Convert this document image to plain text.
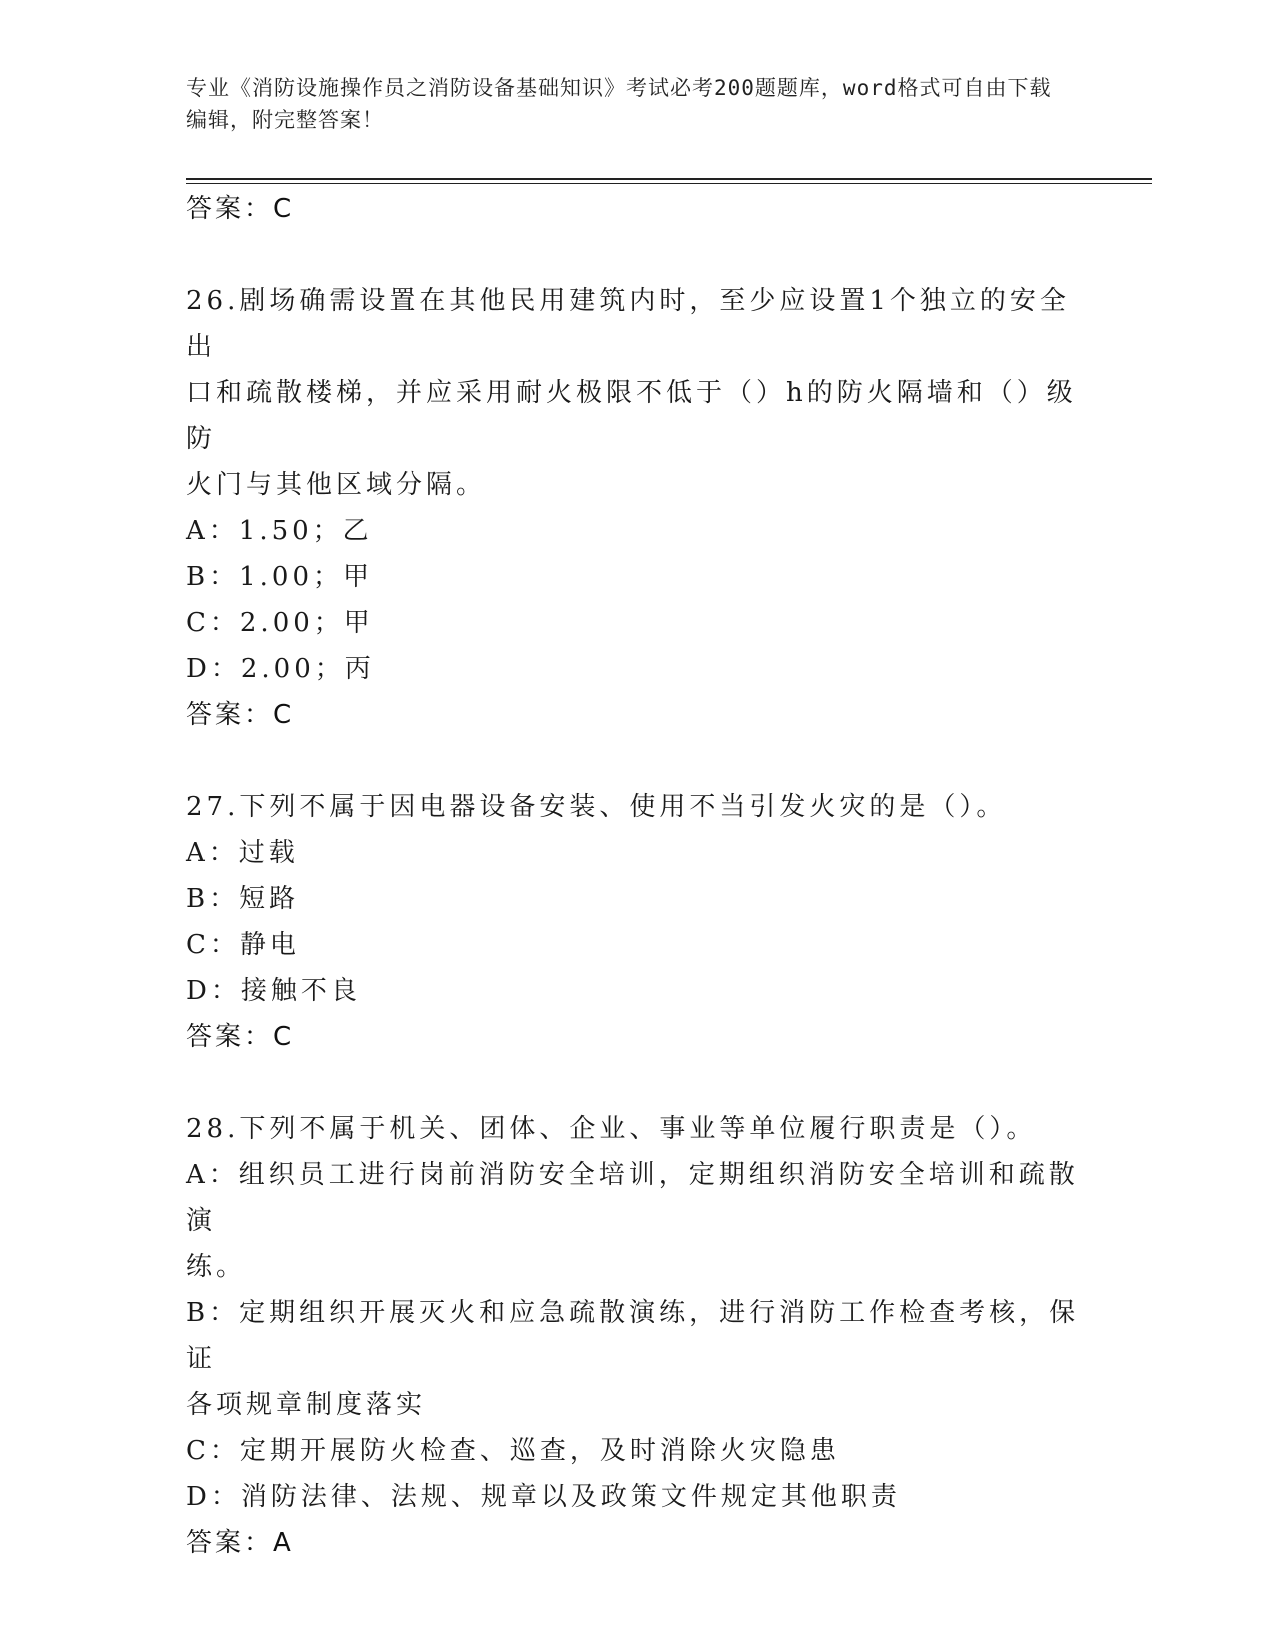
专业《消防设施操作员之消防设备基础知识》考试必考200题题库，word格式可自由下载编辑，附完整答案！
答案：C
26.剧场确需设置在其他民用建筑内时，至少应设置1个独立的安全出
口和疏散楼梯，并应采用耐火极限不低于（）h的防火隔墙和（）级防
火门与其他区域分隔。
A：1.50；乙
B：1.00；甲
C：2.00；甲
D：2.00；丙
答案：C
27.下列不属于因电器设备安装、使用不当引发火灾的是（）。
A：过载
B：短路
C：静电
D：接触不良
答案：C
28.下列不属于机关、团体、企业、事业等单位履行职责是（）。
A：组织员工进行岗前消防安全培训，定期组织消防安全培训和疏散演
练。
B：定期组织开展灭火和应急疏散演练，进行消防工作检查考核，保证
各项规章制度落实
C：定期开展防火检查、巡查，及时消除火灾隐患
D：消防法律、法规、规章以及政策文件规定其他职责
答案：A
